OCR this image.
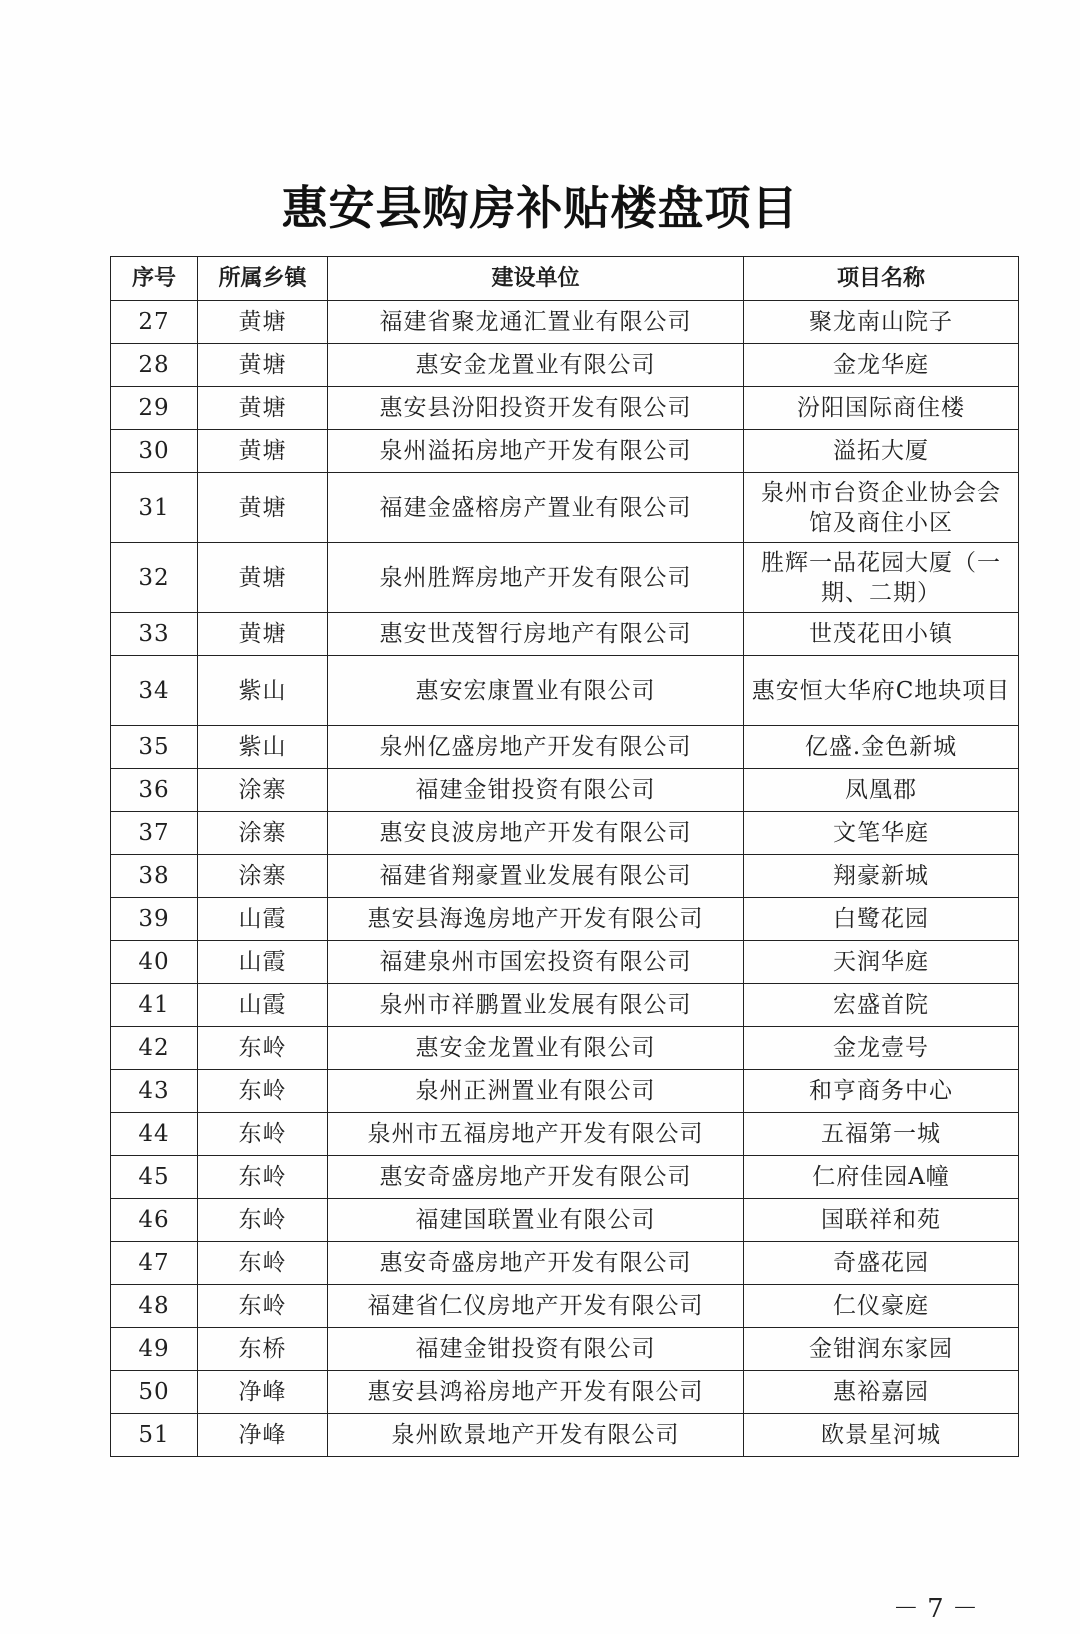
惠安县购房补贴楼盘项目
序号	所属乡镇	建设单位	项目名称
27	黄塘	福建省聚龙通汇置业有限公司	聚龙南山院子
28	黄塘	惠安金龙置业有限公司	金龙华庭
29	黄塘	惠安县汾阳投资开发有限公司	汾阳国际商住楼
30	黄塘	泉州溢拓房地产开发有限公司	溢拓大厦
31	黄塘	福建金盛榕房产置业有限公司	泉州市台资企业协会会馆及商住小区
32	黄塘	泉州胜辉房地产开发有限公司	胜辉一品花园大厦（一期、二期）
33	黄塘	惠安世茂智行房地产有限公司	世茂花田小镇
34	紫山	惠安宏康置业有限公司	惠安恒大华府C地块项目
35	紫山	泉州亿盛房地产开发有限公司	亿盛.金色新城
36	涂寨	福建金钳投资有限公司	凤凰郡
37	涂寨	惠安良波房地产开发有限公司	文笔华庭
38	涂寨	福建省翔豪置业发展有限公司	翔豪新城
39	山霞	惠安县海逸房地产开发有限公司	白鹭花园
40	山霞	福建泉州市国宏投资有限公司	天润华庭
41	山霞	泉州市祥鹏置业发展有限公司	宏盛首院
42	东岭	惠安金龙置业有限公司	金龙壹号
43	东岭	泉州正洲置业有限公司	和亨商务中心
44	东岭	泉州市五福房地产开发有限公司	五福第一城
45	东岭	惠安奇盛房地产开发有限公司	仁府佳园A幢
46	东岭	福建国联置业有限公司	国联祥和苑
47	东岭	惠安奇盛房地产开发有限公司	奇盛花园
48	东岭	福建省仁仪房地产开发有限公司	仁仪豪庭
49	东桥	福建金钳投资有限公司	金钳润东家园
50	净峰	惠安县鸿裕房地产开发有限公司	惠裕嘉园
51	净峰	泉州欧景地产开发有限公司	欧景星河城
－ 7 －
